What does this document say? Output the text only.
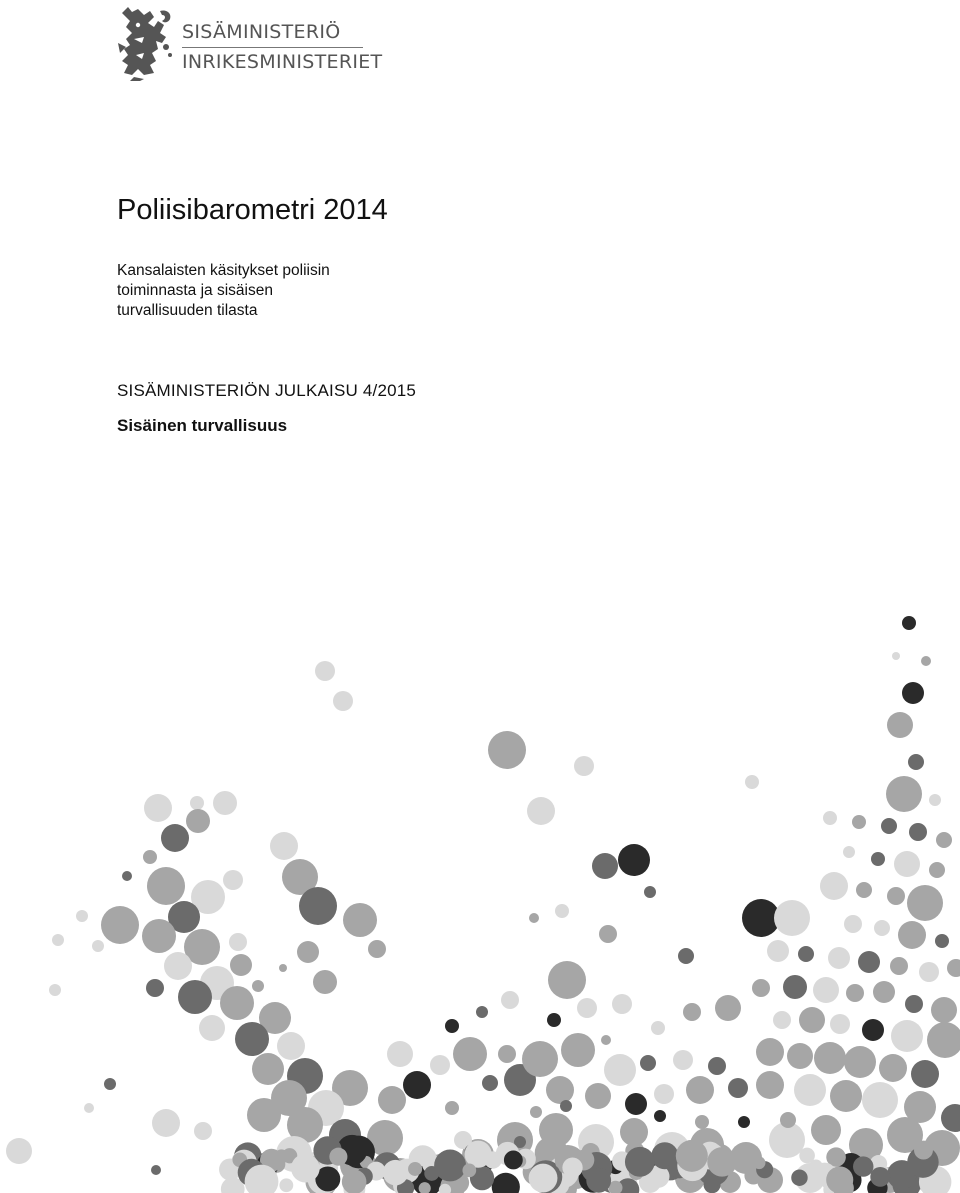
SISÄMINISTERIÖ
INRIKESMINISTERIET
Poliisibarometri 2014
Kansalaisten käsitykset poliisin
toiminnasta ja sisäisen
turvallisuuden tilasta
SISÄMINISTERIÖN JULKAISU 4/2015
Sisäinen turvallisuus
